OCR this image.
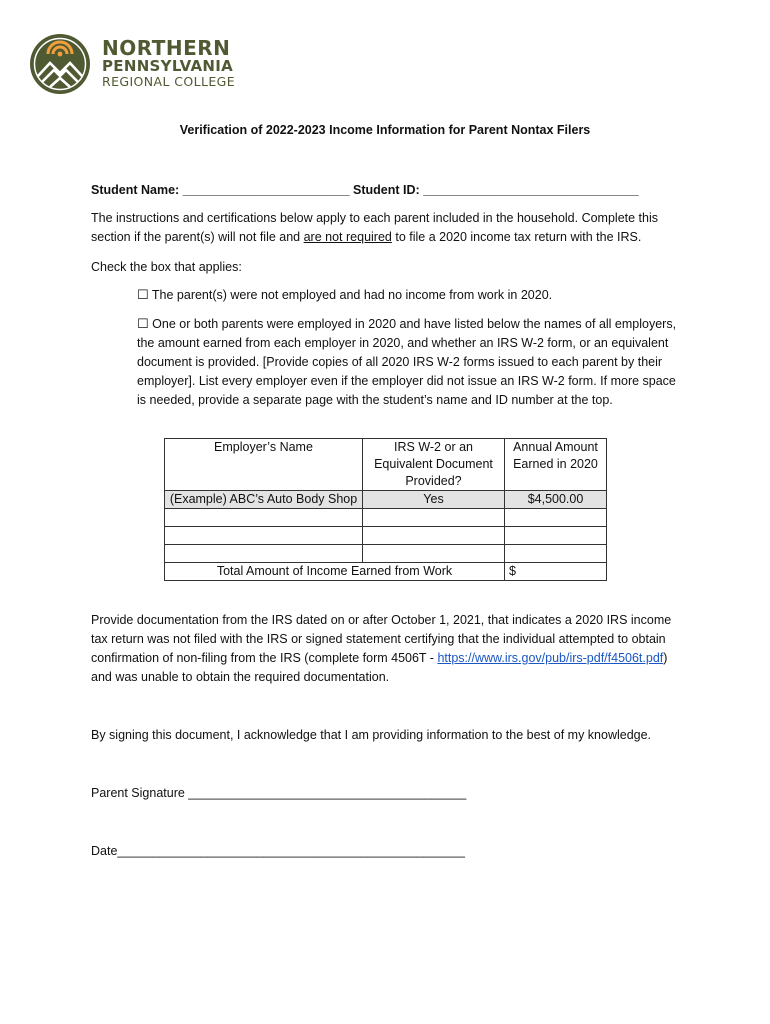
NORTHERN
PENNSYLVANIA
REGIONAL COLLEGE
Verification of 2022-2023 Income Information for Parent Nontax Filers
Student Name: ________________________ Student ID: _______________________________
The instructions and certifications below apply to each parent included in the household. Complete this section if the parent(s) will not file and are not required to file a 2020 income tax return with the IRS.
Check the box that applies:
☐ The parent(s) were not employed and had no income from work in 2020.
☐ One or both parents were employed in 2020 and have listed below the names of all employers, the amount earned from each employer in 2020, and whether an IRS W-2 form, or an equivalent document is provided. [Provide copies of all 2020 IRS W-2 forms issued to each parent by their employer]. List every employer even if the employer did not issue an IRS W-2 form. If more space is needed, provide a separate page with the student’s name and ID number at the top.
Employer’s Name	IRS W-2 or an Equivalent Document Provided?	Annual Amount Earned in 2020
(Example) ABC’s Auto Body Shop	Yes	$4,500.00

Total Amount of Income Earned from Work		$
Provide documentation from the IRS dated on or after October 1, 2021, that indicates a 2020 IRS income tax return was not filed with the IRS or signed statement certifying that the individual attempted to obtain confirmation of non-filing from the IRS (complete form 4506T - https://www.irs.gov/pub/irs-pdf/f4506t.pdf) and was unable to obtain the required documentation.
By signing this document, I acknowledge that I am providing information to the best of my knowledge.
Parent Signature ________________________________________
Date__________________________________________________
